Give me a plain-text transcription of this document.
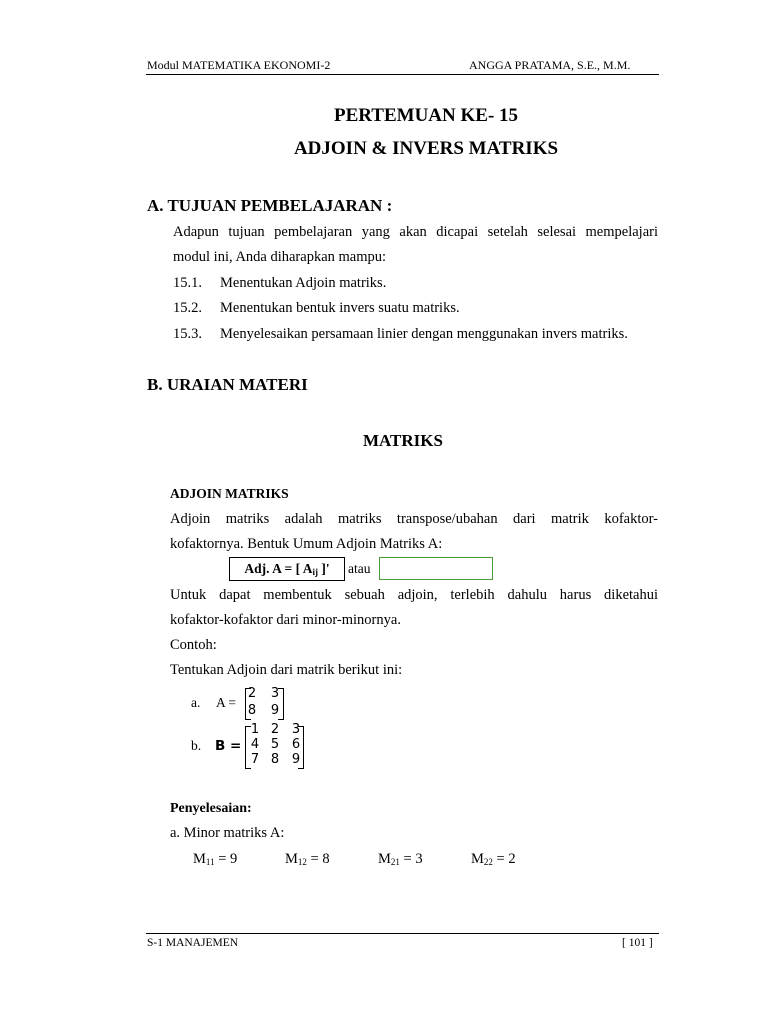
Modul MATEMATIKA EKONOMI-2	ANGGA PRATAMA, S.E., M.M.
PERTEMUAN KE- 15
ADJOIN & INVERS MATRIKS
A. TUJUAN PEMBELAJARAN :
Adapun tujuan pembelajaran yang akan dicapai setelah selesai mempelajari
modul ini, Anda diharapkan mampu:
15.1. Menentukan Adjoin matriks.
15.2. Menentukan bentuk invers suatu matriks.
15.3. Menyelesaikan persamaan linier dengan menggunakan invers matriks.
B. URAIAN MATERI
MATRIKS
ADJOIN MATRIKS
Adjoin matriks adalah matriks transpose/ubahan dari matrik kofaktor-
kofaktornya. Bentuk Umum Adjoin Matriks A:
Adj. A = [ $A_{ij}$ ]'	atau
Untuk dapat membentuk sebuah adjoin, terlebih dahulu harus diketahui
kofaktor-kofaktor dari minor-minornya.
Contoh:
Tentukan Adjoin dari matrik berikut ini:
a. A =
2 3
8 9
b. B =
1 2 3
4 5 6
7 8 9
Penyelesaian:
a. Minor matriks A:
$M_{11} = 9$	$M_{12} = 8$	$M_{21} = 3$	$M_{22} = 2$
S-1 MANAJEMEN	[ 101 ]
